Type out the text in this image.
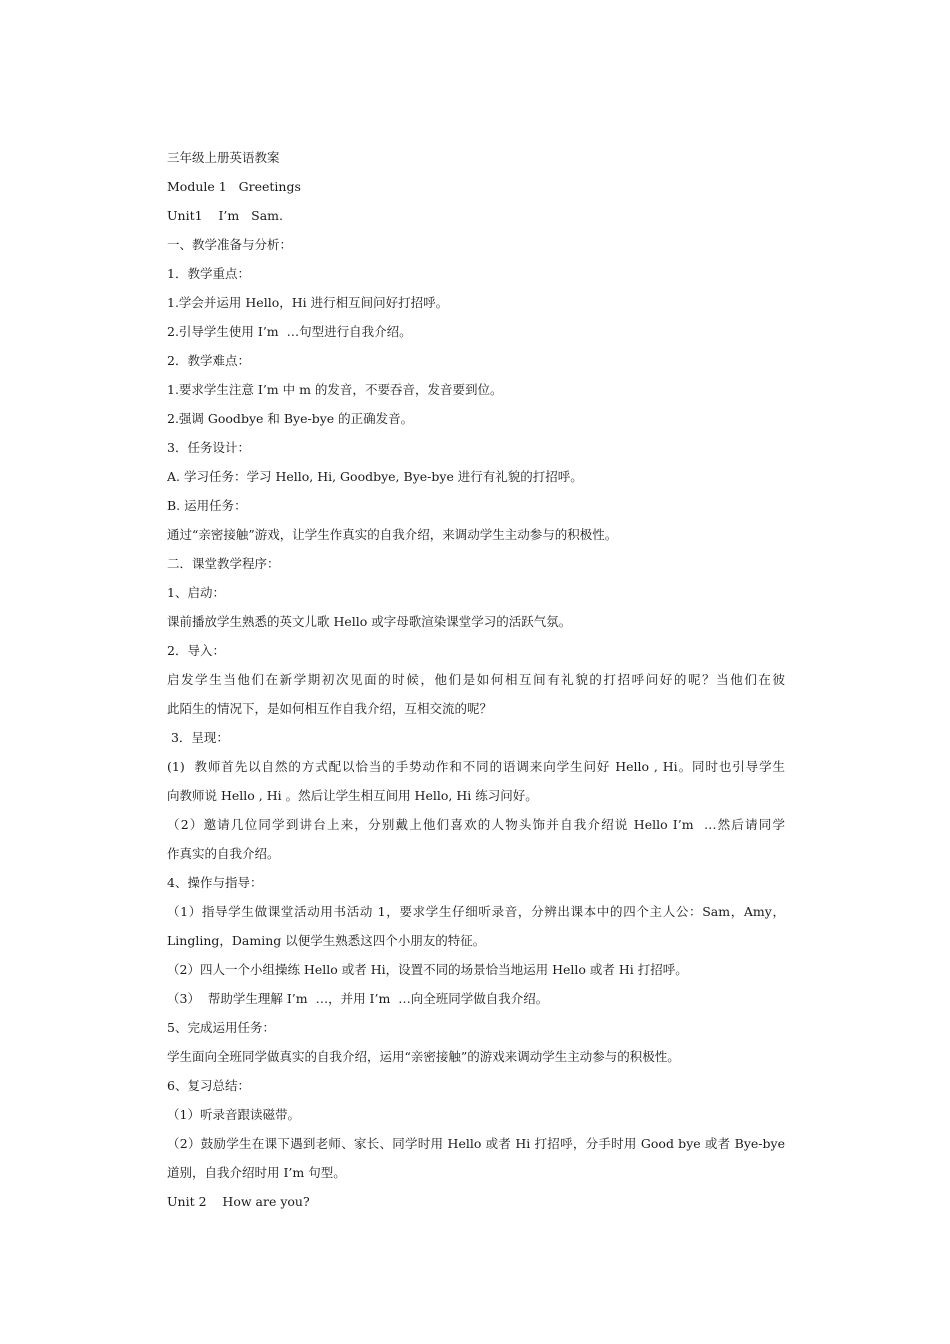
三年级上册英语教案
Module 1   Greetings
Unit1    I’m   Sam.
一、教学准备与分析：
1．教学重点：
1.学会并运用 Hello，Hi 进行相互间问好打招呼。
2.引导学生使用 I’m  …句型进行自我介绍。
2．教学难点：
1.要求学生注意 I’m 中 m 的发音，不要吞音，发音要到位。
2.强调 Goodbye 和 Bye-bye 的正确发音。
3．任务设计：
A. 学习任务：学习 Hello, Hi, Goodbye, Bye-bye 进行有礼貌的打招呼。
B. 运用任务：
通过“亲密接触”游戏，让学生作真实的自我介绍，来调动学生主动参与的积极性。
二．课堂教学程序：
1、启动：
课前播放学生熟悉的英文儿歌 Hello 或字母歌渲染课堂学习的活跃气氛。
2．导入：
启发学生当他们在新学期初次见面的时候，他们是如何相互间有礼貌的打招呼问好的呢？当他们在彼
此陌生的情况下，是如何相互作自我介绍，互相交流的呢？
3．呈现：
(1)  教师首先以自然的方式配以恰当的手势动作和不同的语调来向学生问好 Hello , Hi。同时也引导学生
向教师说 Hello , Hi 。然后让学生相互间用 Hello, Hi 练习问好。
（2）邀请几位同学到讲台上来，分别戴上他们喜欢的人物头饰并自我介绍说 Hello I’m  …然后请同学
作真实的自我介绍。
4、操作与指导：
（1）指导学生做课堂活动用书活动 1，要求学生仔细听录音，分辨出课本中的四个主人公：Sam，Amy，
Lingling，Daming 以便学生熟悉这四个小朋友的特征。
（2）四人一个小组操练 Hello 或者 Hi，设置不同的场景恰当地运用 Hello 或者 Hi 打招呼。
（3）  帮助学生理解 I’m  …，并用 I’m  …向全班同学做自我介绍。
5、完成运用任务：
学生面向全班同学做真实的自我介绍，运用“亲密接触”的游戏来调动学生主动参与的积极性。
6、复习总结：
（1）听录音跟读磁带。
（2）鼓励学生在课下遇到老师、家长、同学时用 Hello 或者 Hi 打招呼，分手时用 Good bye 或者 Bye-bye
道别，自我介绍时用 I’m 句型。
Unit 2    How are you?
